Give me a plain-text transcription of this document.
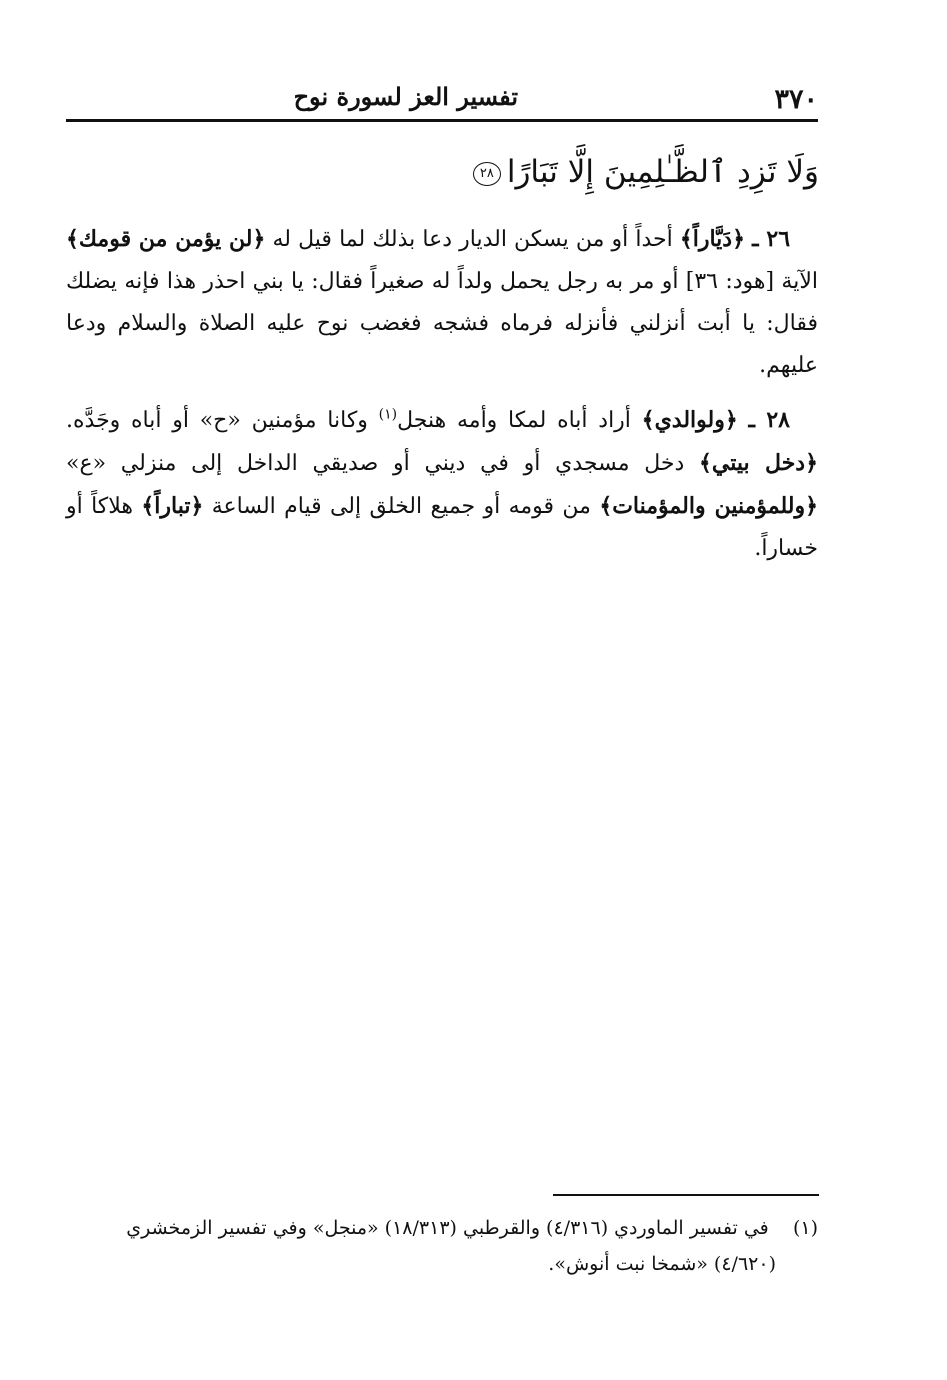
٣٧٠
تفسير العز لسورة نوح
وَلَا تَزِدِ ٱلظَّـٰلِمِينَ إِلَّا تَبَارًا٢٨

٢٦ ـ ﴿دَيَّاراً﴾ أحداً أو من يسكن الديار دعا بذلك لما قيل له ﴿لن يؤمن من قومك﴾ الآية [هود: ٣٦] أو مر به رجل يحمل ولداً له صغيراً فقال: يا بني احذر هذا فإنه يضلك فقال: يا أبت أنزلني فأنزله فرماه فشجه فغضب نوح عليه الصلاة والسلام ودعا عليهم.

٢٨ ـ ﴿ولوالدي﴾ أراد أباه لمكا وأمه هنجل$^{(١)}$ وكانا مؤمنين «ح» أو أباه وجَدَّه. ﴿دخل بيتي﴾ دخل مسجدي أو في ديني أو صديقي الداخل إلى منزلي «ع» ﴿وللمؤمنين والمؤمنات﴾ من قومه أو جميع الخلق إلى قيام الساعة ﴿تباراً﴾ هلاكاً أو خساراً.

(١)    في تفسير الماوردي (٤/٣١٦) والقرطبي (١٨/٣١٣) «منجل» وفي تفسير الزمخشري

(٤/٦٢٠) «شمخا نبت أنوش».
